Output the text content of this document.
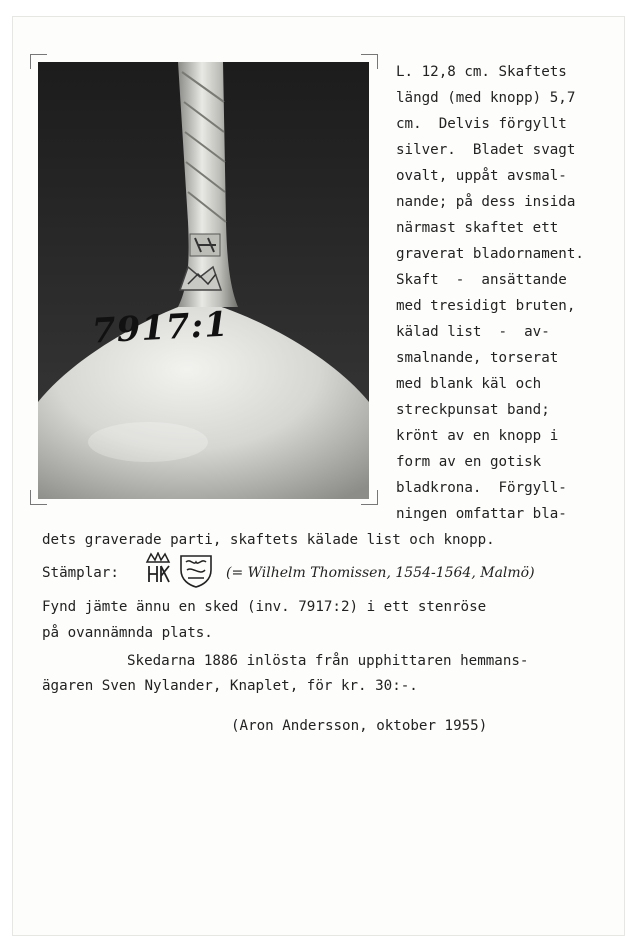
7917:1
L. 12,8 cm. Skaftets
längd (med knopp) 5,7
cm.  Delvis förgyllt
silver.  Bladet svagt
ovalt, uppåt avsmal-
nande; på dess insida
närmast skaftet ett
graverat bladornament.
Skaft  -  ansättande
med tresidigt bruten,
kälad list  -  av-
smalnande, torserat
med blank käl och
streckpunsat band;
krönt av en knopp i
form av en gotisk
bladkrona.  Förgyll-
ningen omfattar bla-
dets graverade parti, skaftets kälade list och knopp.
Stämplar:	(= Wilhelm Thomissen, 1554-1564, Malmö)
Fynd jämte ännu en sked (inv. 7917:2) i ett stenröse
på ovannämnda plats.
Skedarna 1886 inlösta från upphittaren hemmans-
ägaren Sven Nylander, Knaplet, för kr. 30:-.
(Aron Andersson, oktober 1955)
